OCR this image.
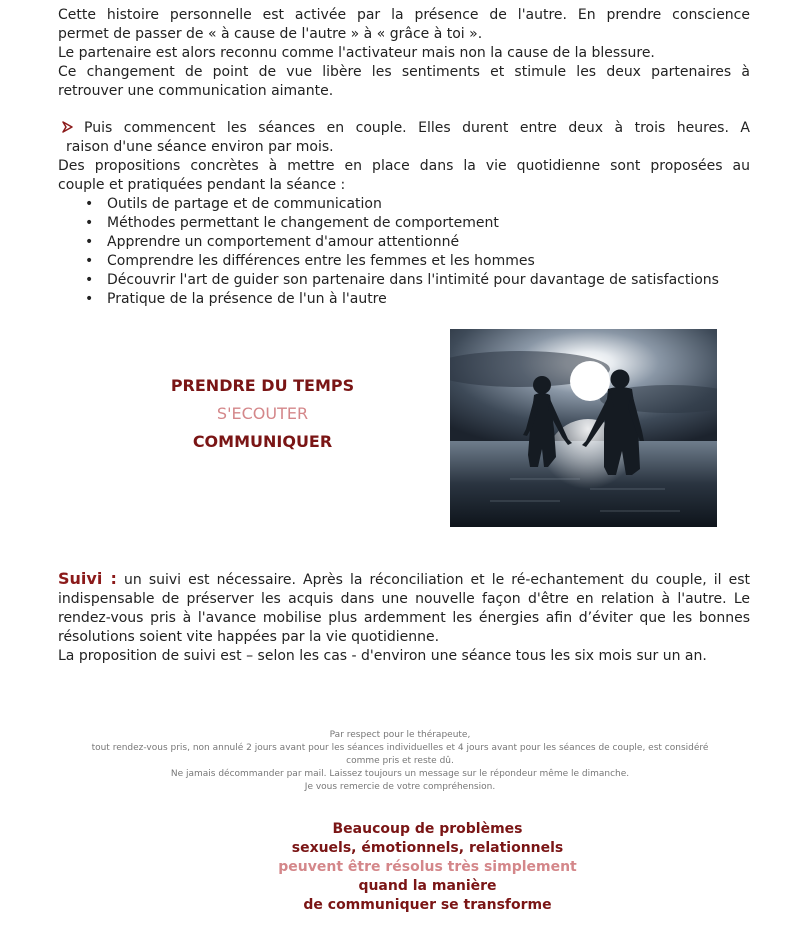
Cette histoire personnelle est activée par la présence de l'autre. En prendre conscience
permet de passer de « à cause de l'autre » à « grâce à toi ».
Le partenaire est alors reconnu comme l'activateur mais non la cause de la blessure.
Ce changement de point de vue libère les sentiments et stimule les deux partenaires à
retrouver une communication aimante.
Puis commencent les séances en couple. Elles durent entre deux à trois heures. A
raison d'une séance environ par mois.
Des propositions concrètes à mettre en place dans la vie quotidienne sont proposées au
couple et pratiquées pendant la séance :
• Outils de partage et de communication
• Méthodes permettant le changement de comportement
• Apprendre un comportement d'amour attentionné
• Comprendre les différences entre les femmes et les hommes
• Découvrir l'art de guider son partenaire dans l'intimité pour davantage de satisfactions
• Pratique de la présence de l'un à l'autre
PRENDRE DU TEMPS
S'ECOUTER
COMMUNIQUER
Suivi : un suivi est nécessaire. Après la réconciliation et le ré-echantement du couple, il est
indispensable de préserver les acquis dans une nouvelle façon d'être en relation à l'autre. Le
rendez-vous pris à l'avance mobilise plus ardemment les énergies afin d’éviter que les bonnes
résolutions soient vite happées par la vie quotidienne.
La proposition de suivi est – selon les cas - d'environ une séance tous les six mois sur un an.
Par respect pour le thérapeute,
tout rendez-vous pris, non annulé 2 jours avant pour les séances individuelles et 4 jours avant pour les séances de couple, est considéré
comme pris et reste dû.
Ne jamais décommander par mail. Laissez toujours un message sur le répondeur même le dimanche.
Je vous remercie de votre compréhension.
Beaucoup de problèmes
sexuels, émotionnels, relationnels
peuvent être résolus très simplement
quand la manière
de communiquer se transforme
